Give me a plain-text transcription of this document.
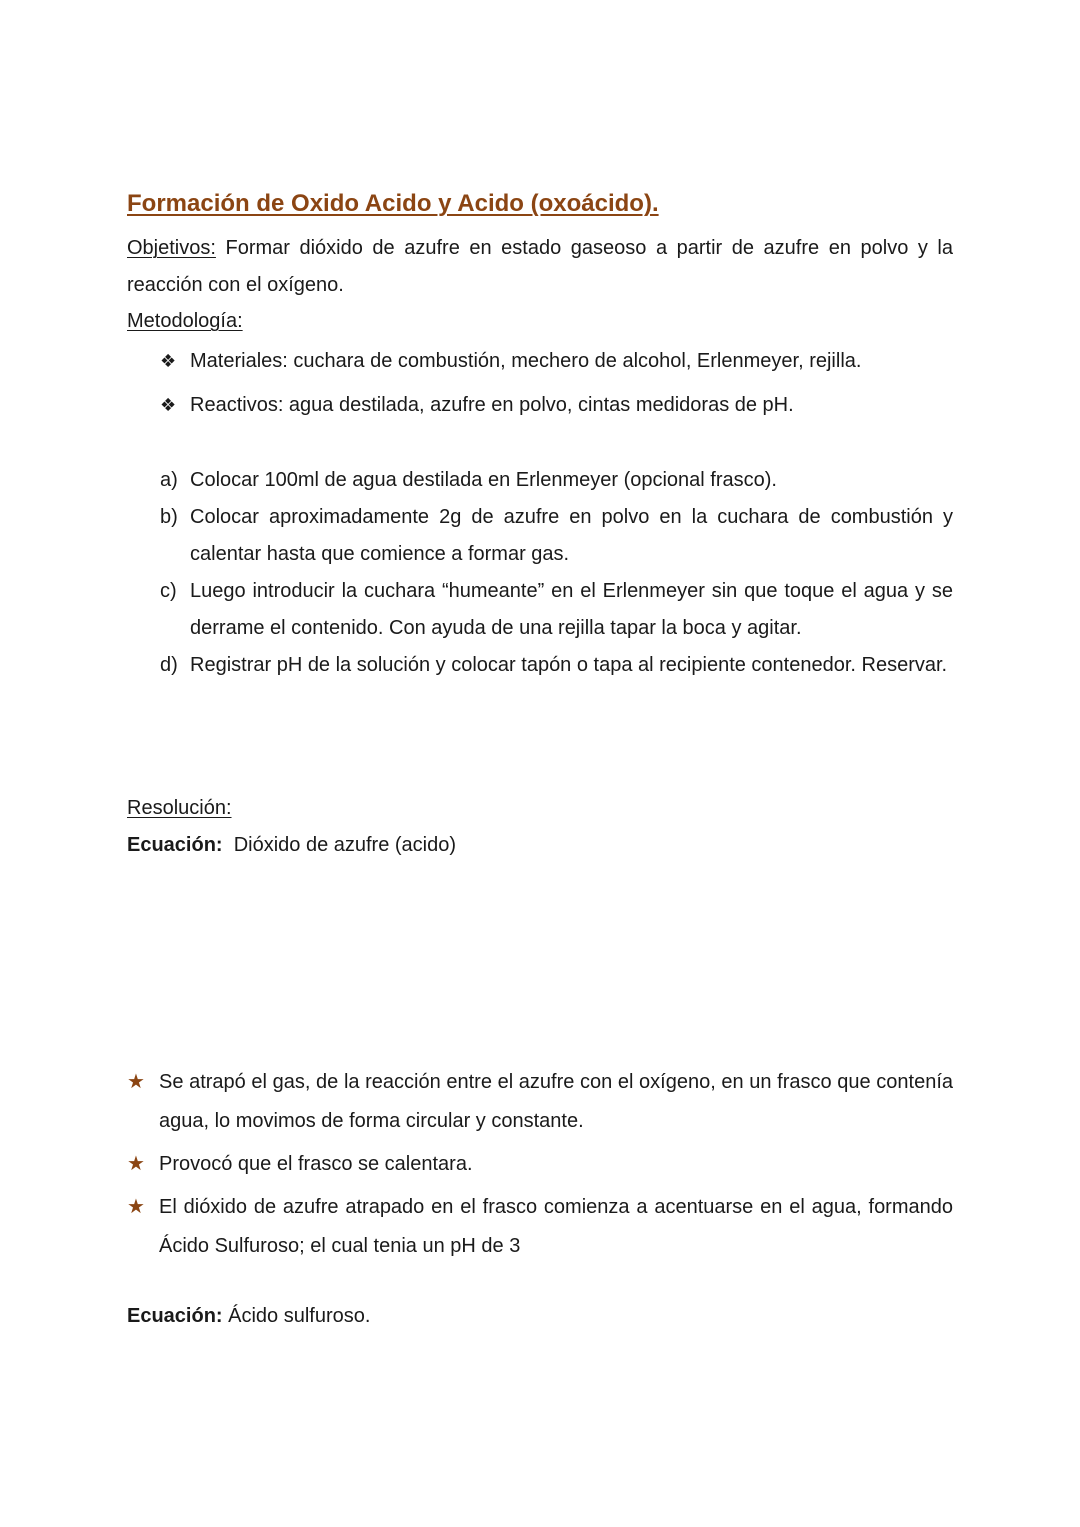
Formación de Oxido Acido y Acido (oxoácido).
Objetivos: Formar dióxido de azufre en estado gaseoso a partir de azufre en polvo y la reacción con el oxígeno.
Metodología:
❖ Materiales: cuchara de combustión, mechero de alcohol, Erlenmeyer, rejilla.
❖ Reactivos: agua destilada, azufre en polvo, cintas medidoras de pH.
a) Colocar 100ml de agua destilada en Erlenmeyer (opcional frasco).
b) Colocar aproximadamente 2g de azufre en polvo en la cuchara de combustión y calentar hasta que comience a formar gas.
c) Luego introducir la cuchara “humeante” en el Erlenmeyer sin que toque el agua y se derrame el contenido. Con ayuda de una rejilla tapar la boca y agitar.
d) Registrar pH de la solución y colocar tapón o tapa al recipiente contenedor. Reservar.
Resolución:
Ecuación:  Dióxido de azufre (acido)
★ Se atrapó el gas, de la reacción entre el azufre con el oxígeno, en un frasco que contenía agua, lo movimos de forma circular y constante.
★ Provocó que el frasco se calentara.
★ El dióxido de azufre atrapado en el frasco comienza a acentuarse en el agua, formando Ácido Sulfuroso; el cual tenia un pH de 3
Ecuación: Ácido sulfuroso.
